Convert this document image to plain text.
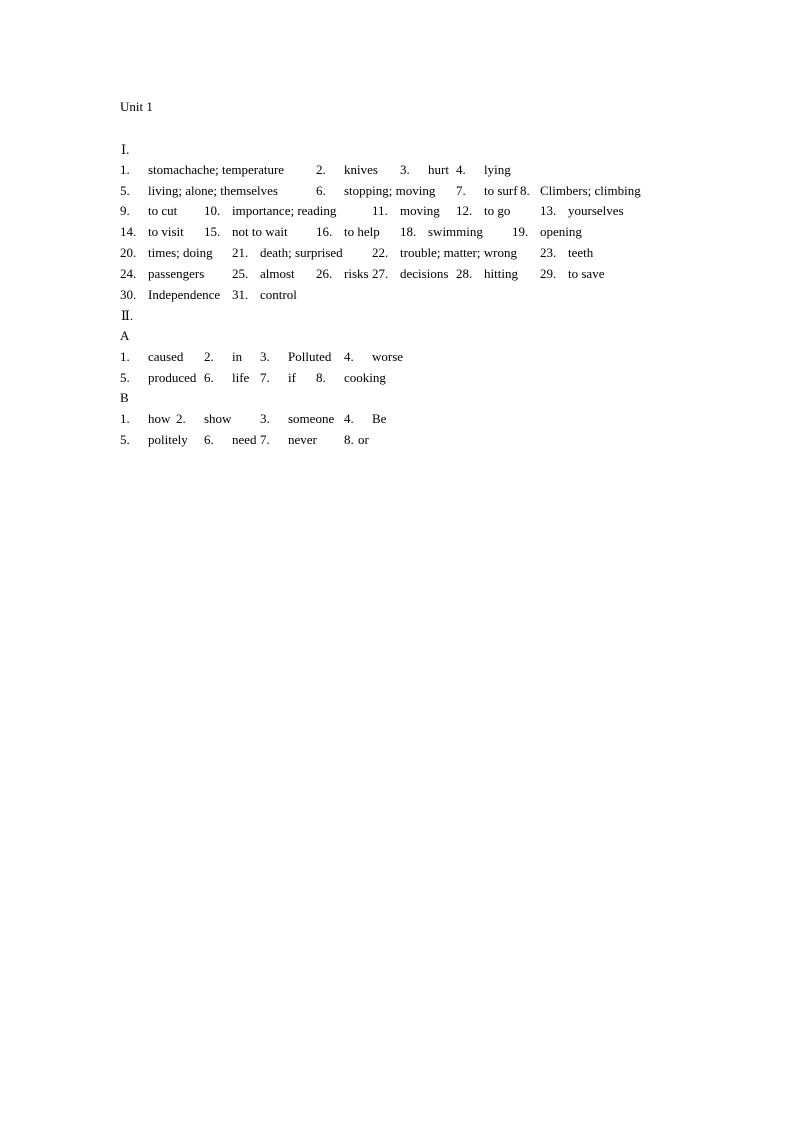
Unit 1
Ⅰ.
1. stomachache; temperature 2. knives 3. hurt 4. lying
5. living; alone; themselves	6. stopping; moving 7. to surf 8. Climbers; climbing
9. to cut 10. importance; reading	11. moving 12. to go 13. yourselves
14. to visit 15. not to wait 16. to help 18. swimming 19. opening
20. times; doing 21. death; surprised 22. trouble; matter; wrong 23. teeth
24. passengers 25. almost 26. risks 27. decisions 28. hitting 29. to save
30. Independence 31. control
Ⅱ.
A
1. caused 2. in 3. Polluted 4. worse
5. produced 6. life 7. if 8. cooking
B
1. how 2. show 3. someone 4. Be
5. politely 6. need 7. never 8. or
